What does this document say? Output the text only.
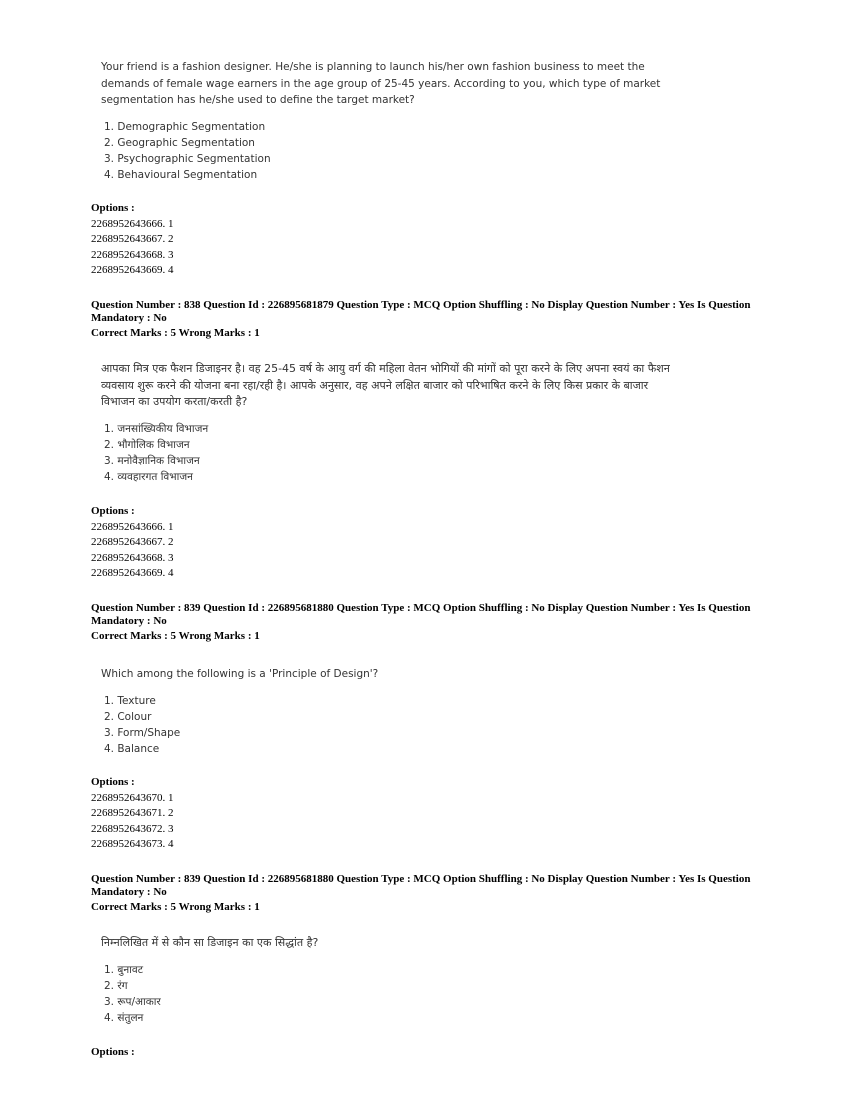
Your friend is a fashion designer. He/she is planning to launch his/her own fashion business to meet the demands of female wage earners in the age group of 25-45 years. According to you, which type of market segmentation has he/she used to define the target market?

1. Demographic Segmentation
2. Geographic Segmentation
3. Psychographic Segmentation
4. Behavioural Segmentation
Options :
2268952643666. 1
2268952643667. 2
2268952643668. 3
2268952643669. 4

Question Number : 838 Question Id : 226895681879 Question Type : MCQ Option Shuffling : No Display Question Number : Yes Is Question Mandatory : No

Correct Marks : 5 Wrong Marks : 1

आपका मित्र एक फैशन डिजाइनर है। वह 25-45 वर्ष के आयु वर्ग की महिला वेतन भोगियों की मांगों को पूरा करने के लिए अपना स्वयं का फैशन व्यवसाय शुरू करने की योजना बना रहा/रही है। आपके अनुसार, वह अपने लक्षित बाजार को परिभाषित करने के लिए किस प्रकार के बाजार विभाजन का उपयोग करता/करती है?

1. जनसांख्यिकीय विभाजन
2. भौगोलिक विभाजन
3. मनोवैज्ञानिक विभाजन
4. व्यवहारगत विभाजन
Options :
2268952643666. 1
2268952643667. 2
2268952643668. 3
2268952643669. 4

Question Number : 839 Question Id : 226895681880 Question Type : MCQ Option Shuffling : No Display Question Number : Yes Is Question Mandatory : No

Correct Marks : 5 Wrong Marks : 1

Which among the following is a 'Principle of Design'?

1. Texture
2. Colour
3. Form/Shape
4. Balance
Options :
2268952643670. 1
2268952643671. 2
2268952643672. 3
2268952643673. 4

Question Number : 839 Question Id : 226895681880 Question Type : MCQ Option Shuffling : No Display Question Number : Yes Is Question Mandatory : No

Correct Marks : 5 Wrong Marks : 1

निम्नलिखित में से कौन सा डिजाइन का एक सिद्धांत है?

1. बुनावट
2. रंग
3. रूप/आकार
4. संतुलन
Options :
